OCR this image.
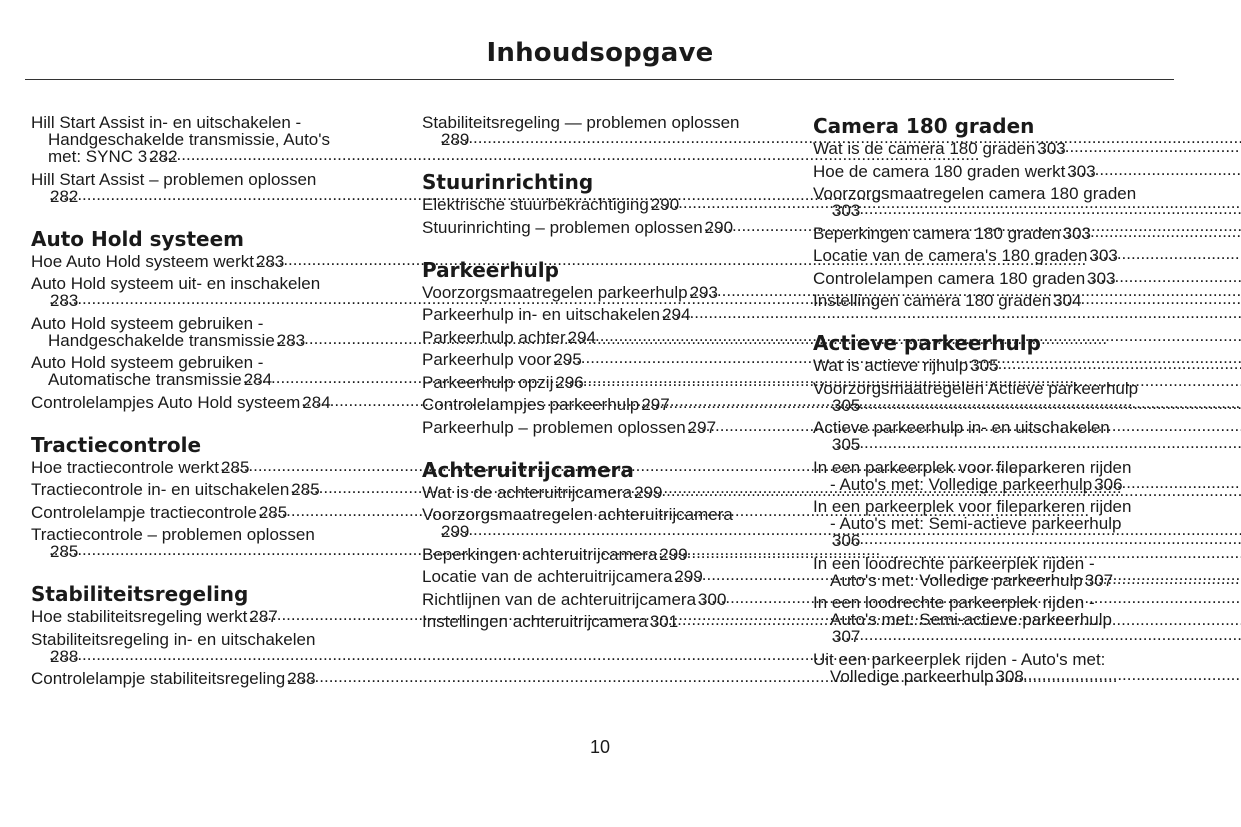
Inhoudsopgave
Hill Start Assist in- en uitschakelen -
Handgeschakelde transmissie, Auto's
met: SYNC 3 282
Hill Start Assist – problemen oplossen
282
Auto Hold systeem
Hoe Auto Hold systeem werkt 283
Auto Hold systeem uit- en inschakelen
283
Auto Hold systeem gebruiken -
Handgeschakelde transmissie 283
Auto Hold systeem gebruiken -
Automatische transmissie 284
Controlelampjes Auto Hold systeem 284
Tractiecontrole
Hoe tractiecontrole werkt 285
Tractiecontrole in- en uitschakelen 285
Controlelampje tractiecontrole 285
Tractiecontrole – problemen oplossen
285
Stabiliteitsregeling
Hoe stabiliteitsregeling werkt 287
Stabiliteitsregeling in- en uitschakelen
288
Controlelampje stabiliteitsregeling 288
Stabiliteitsregeling — problemen oplossen
289
Stuurinrichting
Elektrische stuurbekrachtiging 290
Stuurinrichting – problemen oplossen 290
Parkeerhulp
Voorzorgsmaatregelen parkeerhulp 293
Parkeerhulp in- en uitschakelen 294
Parkeerhulp achter 294
Parkeerhulp voor 295
Parkeerhulp opzij 296
Controlelampjes parkeerhulp 297
Parkeerhulp – problemen oplossen 297
Achteruitrijcamera
Wat is de achteruitrijcamera 299
Voorzorgsmaatregelen achteruitrijcamera
299
Beperkingen achteruitrijcamera 299
Locatie van de achteruitrijcamera 299
Richtlijnen van de achteruitrijcamera 300
Instellingen achteruitrijcamera 301
Camera 180 graden
Wat is de camera 180 graden 303
Hoe de camera 180 graden werkt 303
Voorzorgsmaatregelen camera 180 graden
303
Beperkingen camera 180 graden 303
Locatie van de camera's 180 graden 303
Controlelampen camera 180 graden 303
Instellingen camera 180 graden 304
Actieve parkeerhulp
Wat is actieve rijhulp 305
Voorzorgsmaatregelen Actieve parkeerhulp
305
Actieve parkeerhulp in- en uitschakelen
305
In een parkeerplek voor fileparkeren rijden
- Auto's met: Volledige parkeerhulp 306
In een parkeerplek voor fileparkeren rijden
- Auto's met: Semi-actieve parkeerhulp
306
In een loodrechte parkeerplek rijden -
Auto's met: Volledige parkeerhulp 307
In een loodrechte parkeerplek rijden -
Auto's met: Semi-actieve parkeerhulp
307
Uit een parkeerplek rijden - Auto's met:
Volledige parkeerhulp 308
10
